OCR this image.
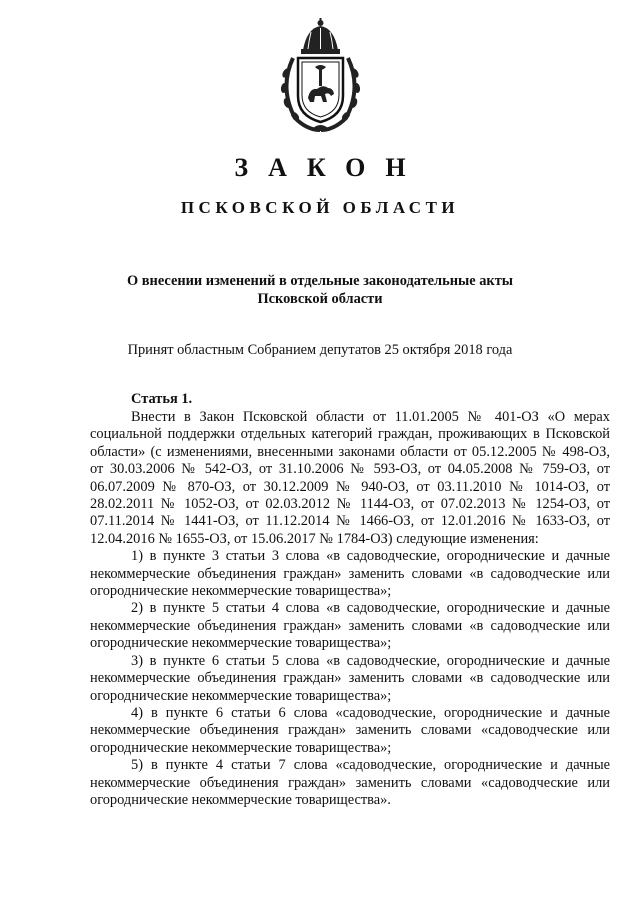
ЗАКОН
ПСКОВСКОЙ ОБЛАСТИ
О внесении изменений в отдельные законодательные акты Псковской области
Принят областным Собранием депутатов 25 октября 2018 года
Статья 1.

Внести в Закон Псковской области от 11.01.2005 № 401-ОЗ «О мерах социальной поддержки отдельных категорий граждан, проживающих в Псковской области» (с изменениями, внесенными законами области от 05.12.2005 № 498-ОЗ, от 30.03.2006 № 542-ОЗ, от 31.10.2006 № 593-ОЗ, от 04.05.2008 № 759-ОЗ, от 06.07.2009 № 870-ОЗ, от 30.12.2009 № 940-ОЗ, от 03.11.2010 № 1014-ОЗ, от 28.02.2011 № 1052-ОЗ, от 02.03.2012 № 1144-ОЗ, от 07.02.2013 № 1254-ОЗ, от 07.11.2014 № 1441-ОЗ, от 11.12.2014 № 1466-ОЗ, от 12.01.2016 № 1633-ОЗ, от 12.04.2016 № 1655-ОЗ, от 15.06.2017 № 1784-ОЗ) следующие изменения:

1) в пункте 3 статьи 3 слова «в садоводческие, огороднические и дачные некоммерческие объединения граждан» заменить словами «в садоводческие или огороднические некоммерческие товарищества»;

2) в пункте 5 статьи 4 слова «в садоводческие, огороднические и дачные некоммерческие объединения граждан» заменить словами «в садоводческие или огороднические некоммерческие товарищества»;

3) в пункте 6 статьи 5 слова «в садоводческие, огороднические и дачные некоммерческие объединения граждан» заменить словами «в садоводческие или огороднические некоммерческие товарищества»;

4) в пункте 6 статьи 6 слова «садоводческие, огороднические и дачные некоммерческие объединения граждан» заменить словами «садоводческие или огороднические некоммерческие товарищества»;

5) в пункте 4 статьи 7 слова «садоводческие, огороднические и дачные некоммерческие объединения граждан» заменить словами «садоводческие или огороднические некоммерческие товарищества».
